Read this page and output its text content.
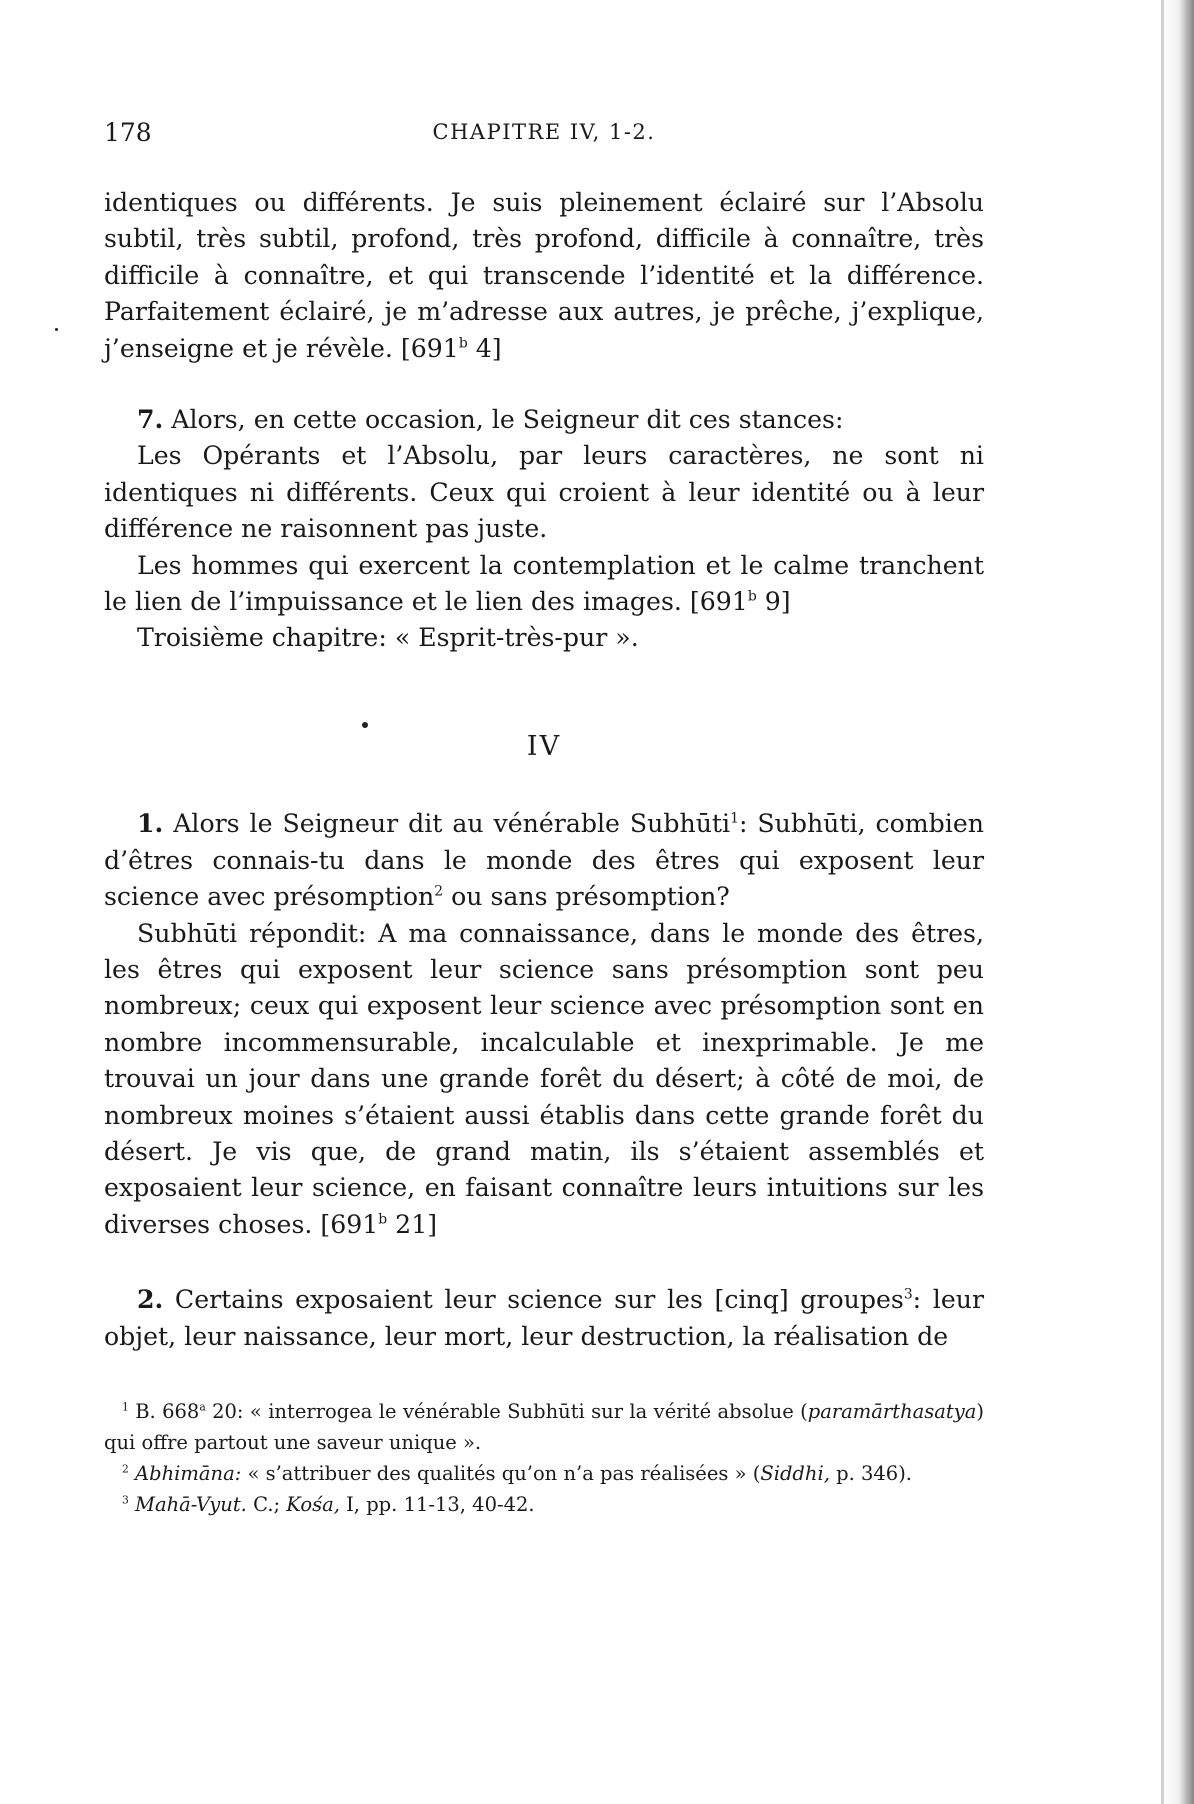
178	CHAPITRE IV, 1-2.

identiques ou différents. Je suis pleinement éclairé sur l’Absolu subtil, très subtil, profond, très profond, difficile à connaître, très difficile à connaître, et qui transcende l’identité et la différence. Parfaitement éclairé, je m’adresse aux autres, je prêche, j’explique, j’enseigne et je révèle. [691$^b$ 4]

7. Alors, en cette occasion, le Seigneur dit ces stances:

Les Opérants et l’Absolu, par leurs caractères, ne sont ni identiques ni différents. Ceux qui croient à leur identité ou à leur différence ne raisonnent pas juste.

Les hommes qui exercent la contemplation et le calme tranchent le lien de l’impuissance et le lien des images. [691$^b$ 9]

Troisième chapitre: « Esprit-très-pur ».

IV

1. Alors le Seigneur dit au vénérable Subhūti$^1$: Subhūti, combien d’êtres connais-tu dans le monde des êtres qui exposent leur science avec présomption$^2$ ou sans présomption?

Subhūti répondit: A ma connaissance, dans le monde des êtres, les êtres qui exposent leur science sans présomption sont peu nombreux; ceux qui exposent leur science avec présomption sont en nombre incommensurable, incalculable et inexprimable. Je me trouvai un jour dans une grande forêt du désert; à côté de moi, de nombreux moines s’étaient aussi établis dans cette grande forêt du désert. Je vis que, de grand matin, ils s’étaient assemblés et exposaient leur science, en faisant connaître leurs intuitions sur les diverses choses. [691$^b$ 21]

2. Certains exposaient leur science sur les [cinq] groupes$^3$: leur objet, leur naissance, leur mort, leur destruction, la réalisation de

$^1$ B. 668$^a$ 20: « interrogea le vénérable Subhūti sur la vérité absolue (paramārthasatya) qui offre partout une saveur unique ».

$^2$ Abhimāna: « s’attribuer des qualités qu’on n’a pas réalisées » (Siddhi, p. 346).

$^3$ Mahā-Vyut. C.; Kośa, I, pp. 11-13, 40-42.
